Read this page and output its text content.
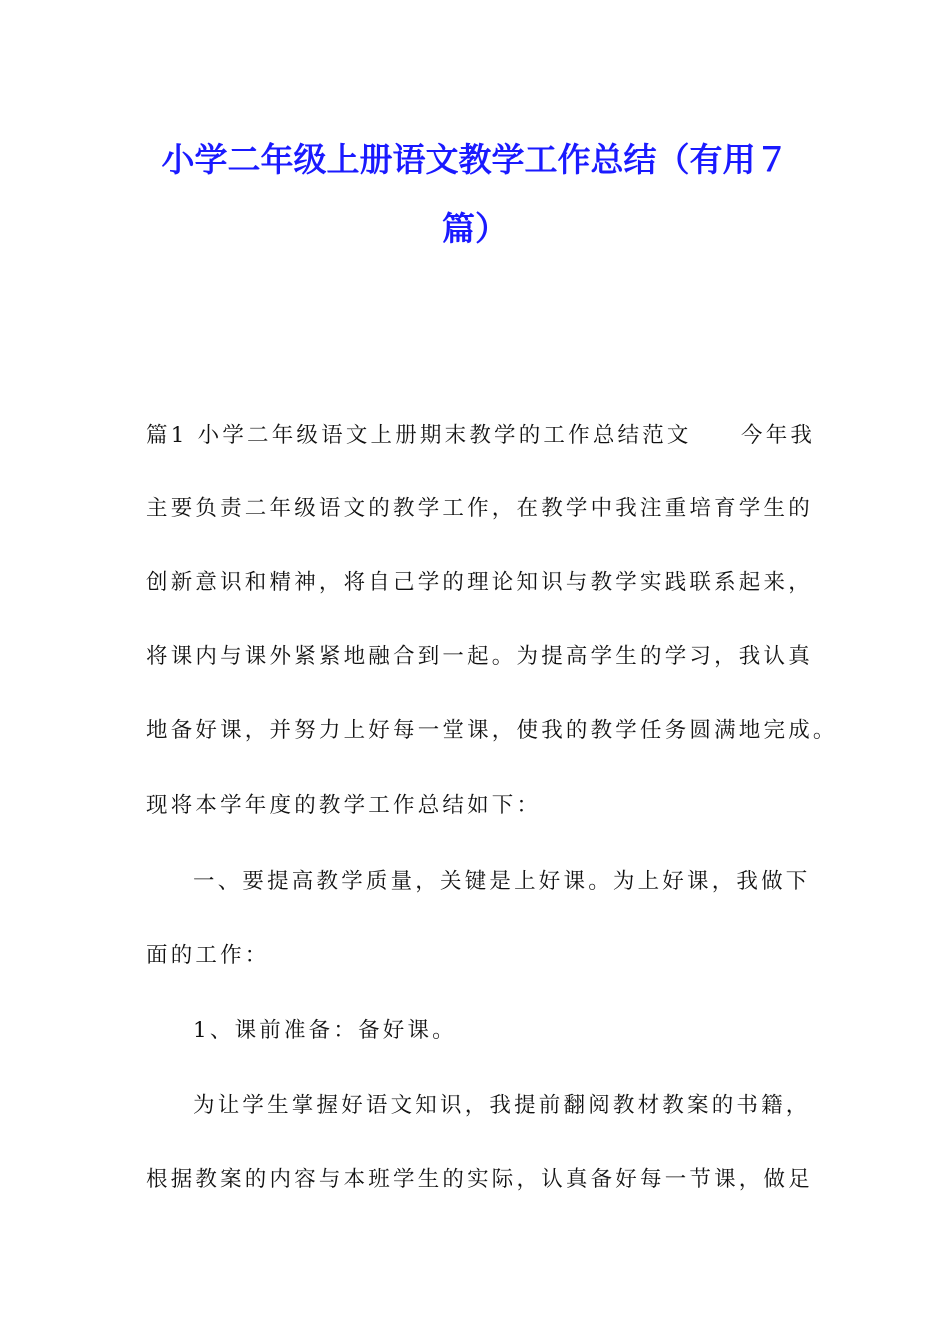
小学二年级上册语文教学工作总结（有用７
篇）
篇1 小学二年级语文上册期末教学的工作总结范文　　今年我
主要负责二年级语文的教学工作，在教学中我注重培育学生的
创新意识和精神，将自己学的理论知识与教学实践联系起来，
将课内与课外紧紧地融合到一起。为提高学生的学习，我认真
地备好课，并努力上好每一堂课，使我的教学任务圆满地完成。
现将本学年度的教学工作总结如下：
一、要提高教学质量，关键是上好课。为上好课，我做下
面的工作：
1、课前准备：备好课。
为让学生掌握好语文知识，我提前翻阅教材教案的书籍，
根据教案的内容与本班学生的实际，认真备好每一节课，做足
